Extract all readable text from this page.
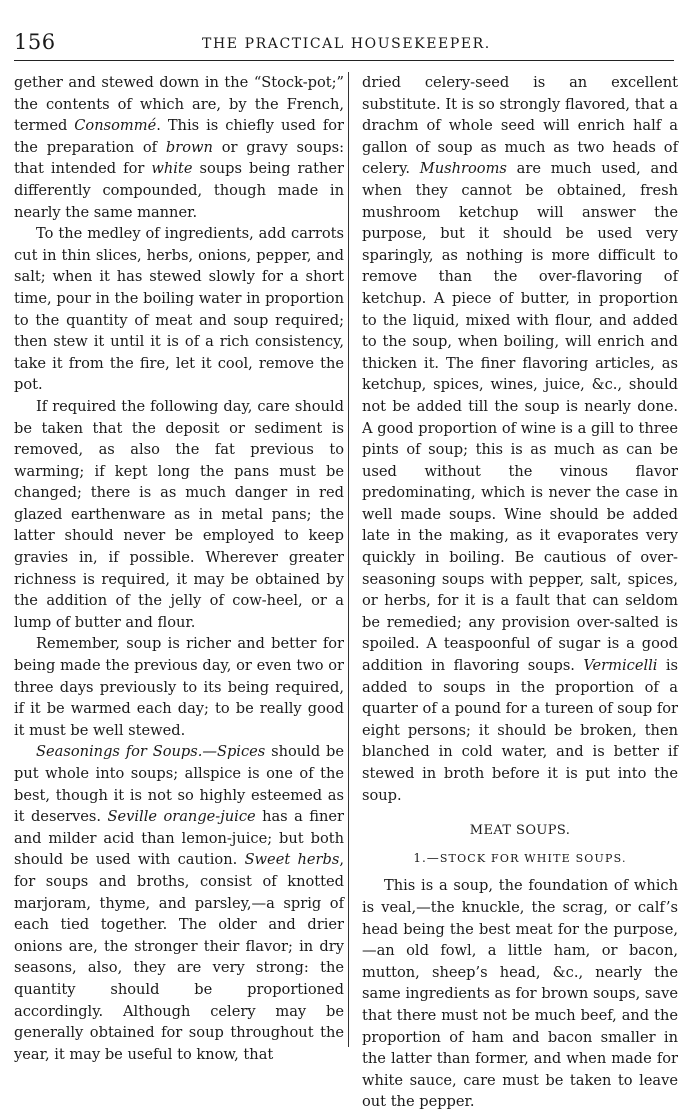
156	THE PRACTICAL HOUSEKEEPER.

gether and stewed down in the “Stock-pot;” the contents of which are, by the French, termed Consommé. This is chiefly used for the preparation of brown or gravy soups: that intended for white soups being rather differently compounded, though made in nearly the same manner.

To the medley of ingredients, add carrots cut in thin slices, herbs, onions, pepper, and salt; when it has stewed slowly for a short time, pour in the boiling water in proportion to the quantity of meat and soup required; then stew it until it is of a rich consistency, take it from the fire, let it cool, remove the pot.

If required the following day, care should be taken that the deposit or sediment is removed, as also the fat previous to warming; if kept long the pans must be changed; there is as much danger in red glazed earthenware as in metal pans; the latter should never be employed to keep gravies in, if possible. Wherever greater richness is required, it may be obtained by the addition of the jelly of cow-heel, or a lump of butter and flour.

Remember, soup is richer and better for being made the previous day, or even two or three days previously to its being required, if it be warmed each day; to be really good it must be well stewed.

Seasonings for Soups.—Spices should be put whole into soups; allspice is one of the best, though it is not so highly esteemed as it deserves. Seville orange-juice has a finer and milder acid than lemon-juice; but both should be used with caution. Sweet herbs, for soups and broths, consist of knotted marjoram, thyme, and parsley,—a sprig of each tied together. The older and drier onions are, the stronger their flavor; in dry seasons, also, they are very strong: the quantity should be proportioned accordingly. Although celery may be generally obtained for soup throughout the year, it may be useful to know, that

dried celery-seed is an excellent substitute. It is so strongly flavored, that a drachm of whole seed will enrich half a gallon of soup as much as two heads of celery. Mushrooms are much used, and when they cannot be obtained, fresh mushroom ketchup will answer the purpose, but it should be used very sparingly, as nothing is more difficult to remove than the over-flavoring of ketchup. A piece of butter, in proportion to the liquid, mixed with flour, and added to the soup, when boiling, will enrich and thicken it. The finer flavoring articles, as ketchup, spices, wines, juice, &c., should not be added till the soup is nearly done. A good proportion of wine is a gill to three pints of soup; this is as much as can be used without the vinous flavor predominating, which is never the case in well made soups. Wine should be added late in the making, as it evaporates very quickly in boiling. Be cautious of over-seasoning soups with pepper, salt, spices, or herbs, for it is a fault that can seldom be remedied; any provision over-salted is spoiled. A teaspoonful of sugar is a good addition in flavoring soups. Vermicelli is added to soups in the proportion of a quarter of a pound for a tureen of soup for eight persons; it should be broken, then blanched in cold water, and is better if stewed in broth before it is put into the soup.

MEAT SOUPS.
1.—STOCK FOR WHITE SOUPS.

This is a soup, the foundation of which is veal,—the knuckle, the scrag, or calf’s head being the best meat for the purpose,—an old fowl, a little ham, or bacon, mutton, sheep’s head, &c., nearly the same ingredients as for brown soups, save that there must not be much beef, and the proportion of ham and bacon smaller in the latter than former, and when made for white sauce, care must be taken to leave out the pepper.
